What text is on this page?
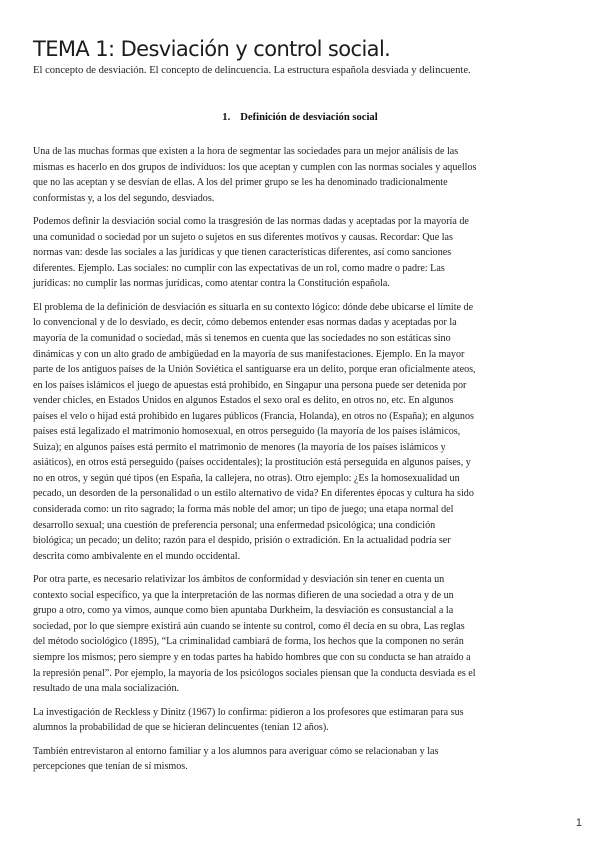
TEMA 1: Desviación y control social.
El concepto de desviación. El concepto de delincuencia. La estructura española desviada y delincuente.
1. Definición de desviación social
Una de las muchas formas que existen a la hora de segmentar las sociedades para un mejor análisis de las
mismas es hacerlo en dos grupos de individuos: los que aceptan y cumplen con las normas sociales y aquellos
que no las aceptan y se desvían de ellas. A los del primer grupo se les ha denominado tradicionalmente
conformistas y, a los del segundo, desviados.
Podemos definir la desviación social como la trasgresión de las normas dadas y aceptadas por la mayoría de
una comunidad o sociedad por un sujeto o sujetos en sus diferentes motivos y causas. Recordar: Que las
normas van: desde las sociales a las jurídicas y que tienen características diferentes, así como sanciones
diferentes. Ejemplo. Las sociales: no cumplir con las expectativas de un rol, como madre o padre: Las
jurídicas: no cumplir las normas jurídicas, como atentar contra la Constitución española.
El problema de la definición de desviación es situarla en su contexto lógico: dónde debe ubicarse el límite de
lo convencional y de lo desviado, es decir, cómo debemos entender esas normas dadas y aceptadas por la
mayoría de la comunidad o sociedad, más si tenemos en cuenta que las sociedades no son estáticas sino
dinámicas y con un alto grado de ambigüedad en la mayoría de sus manifestaciones. Ejemplo. En la mayor
parte de los antiguos países de la Unión Soviética el santiguarse era un delito, porque eran oficialmente ateos,
en los países islámicos el juego de apuestas está prohibido, en Singapur una persona puede ser detenida por
vender chicles, en Estados Unidos en algunos Estados el sexo oral es delito, en otros no, etc. En algunos
países el velo o hijad está prohibido en lugares públicos (Francia, Holanda), en otros no (España); en algunos
países está legalizado el matrimonio homosexual, en otros perseguido (la mayoría de los países islámicos,
Suiza); en algunos países está permito el matrimonio de menores (la mayoría de los países islámicos y
asiáticos), en otros está perseguido (países occidentales); la prostitución está perseguida en algunos países, y
no en otros, y según qué tipos (en España, la callejera, no otras). Otro ejemplo: ¿Es la homosexualidad un
pecado, un desorden de la personalidad o un estilo alternativo de vida? En diferentes épocas y cultura ha sido
considerada como: un rito sagrado; la forma más noble del amor; un tipo de juego; una etapa normal del
desarrollo sexual; una cuestión de preferencia personal; una enfermedad psicológica; una condición
biológica; un pecado; un delito; razón para el despido, prisión o extradición. En la actualidad podría ser
descrita como ambivalente en el mundo occidental.
Por otra parte, es necesario relativizar los ámbitos de conformidad y desviación sin tener en cuenta un
contexto social específico, ya que la interpretación de las normas difieren de una sociedad a otra y de un
grupo a otro, como ya vimos, aunque como bien apuntaba Durkheim, la desviación es consustancial a la
sociedad, por lo que siempre existirá aún cuando se intente su control, como él decía en su obra, Las reglas
del método sociológico (1895), “La criminalidad cambiará de forma, los hechos que la componen no serán
siempre los mismos; pero siempre y en todas partes ha habido hombres que con su conducta se han atraído a
la represión penal”. Por ejemplo, la mayoría de los psicólogos sociales piensan que la conducta desviada es el
resultado de una mala socialización.
La investigación de Reckless y Dinitz (1967) lo confirma: pidieron a los profesores que estimaran para sus
alumnos la probabilidad de que se hicieran delincuentes (tenían 12 años).
También entrevistaron al entorno familiar y a los alumnos para averiguar cómo se relacionaban y las
percepciones que tenían de sí mismos.
1
